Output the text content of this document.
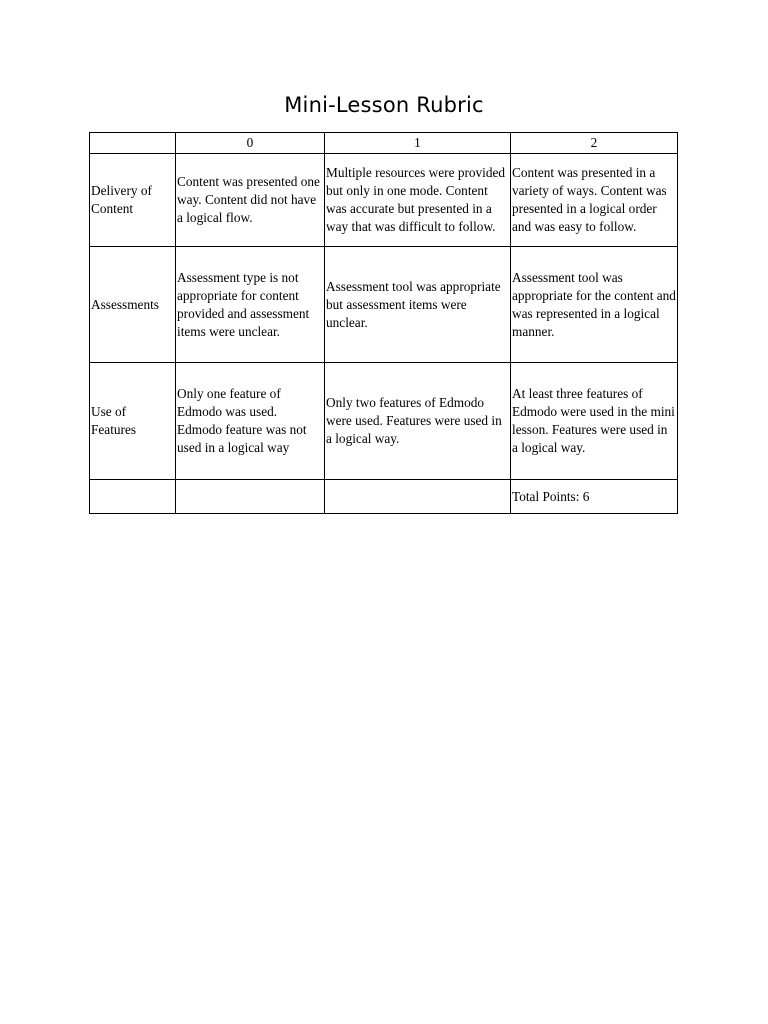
Mini-Lesson Rubric
	0	1	2
Delivery of Content	Content was presented one way. Content did not have a logical flow.	Multiple resources were provided but only in one mode. Content was accurate but presented in a way that was difficult to follow.	Content was presented in a variety of ways. Content was presented in a logical order and was easy to follow.
Assessments	Assessment type is not appropriate for content provided and assessment items were unclear.	Assessment tool was appropriate but assessment items were unclear.	Assessment tool was appropriate for the content and was represented in a logical manner.
Use of Features	Only one feature of Edmodo was used. Edmodo feature was not used in a logical way	Only two features of Edmodo were used. Features were used in a logical way.	At least three features of Edmodo were used in the mini lesson. Features were used in a logical way.
			Total Points: 6
